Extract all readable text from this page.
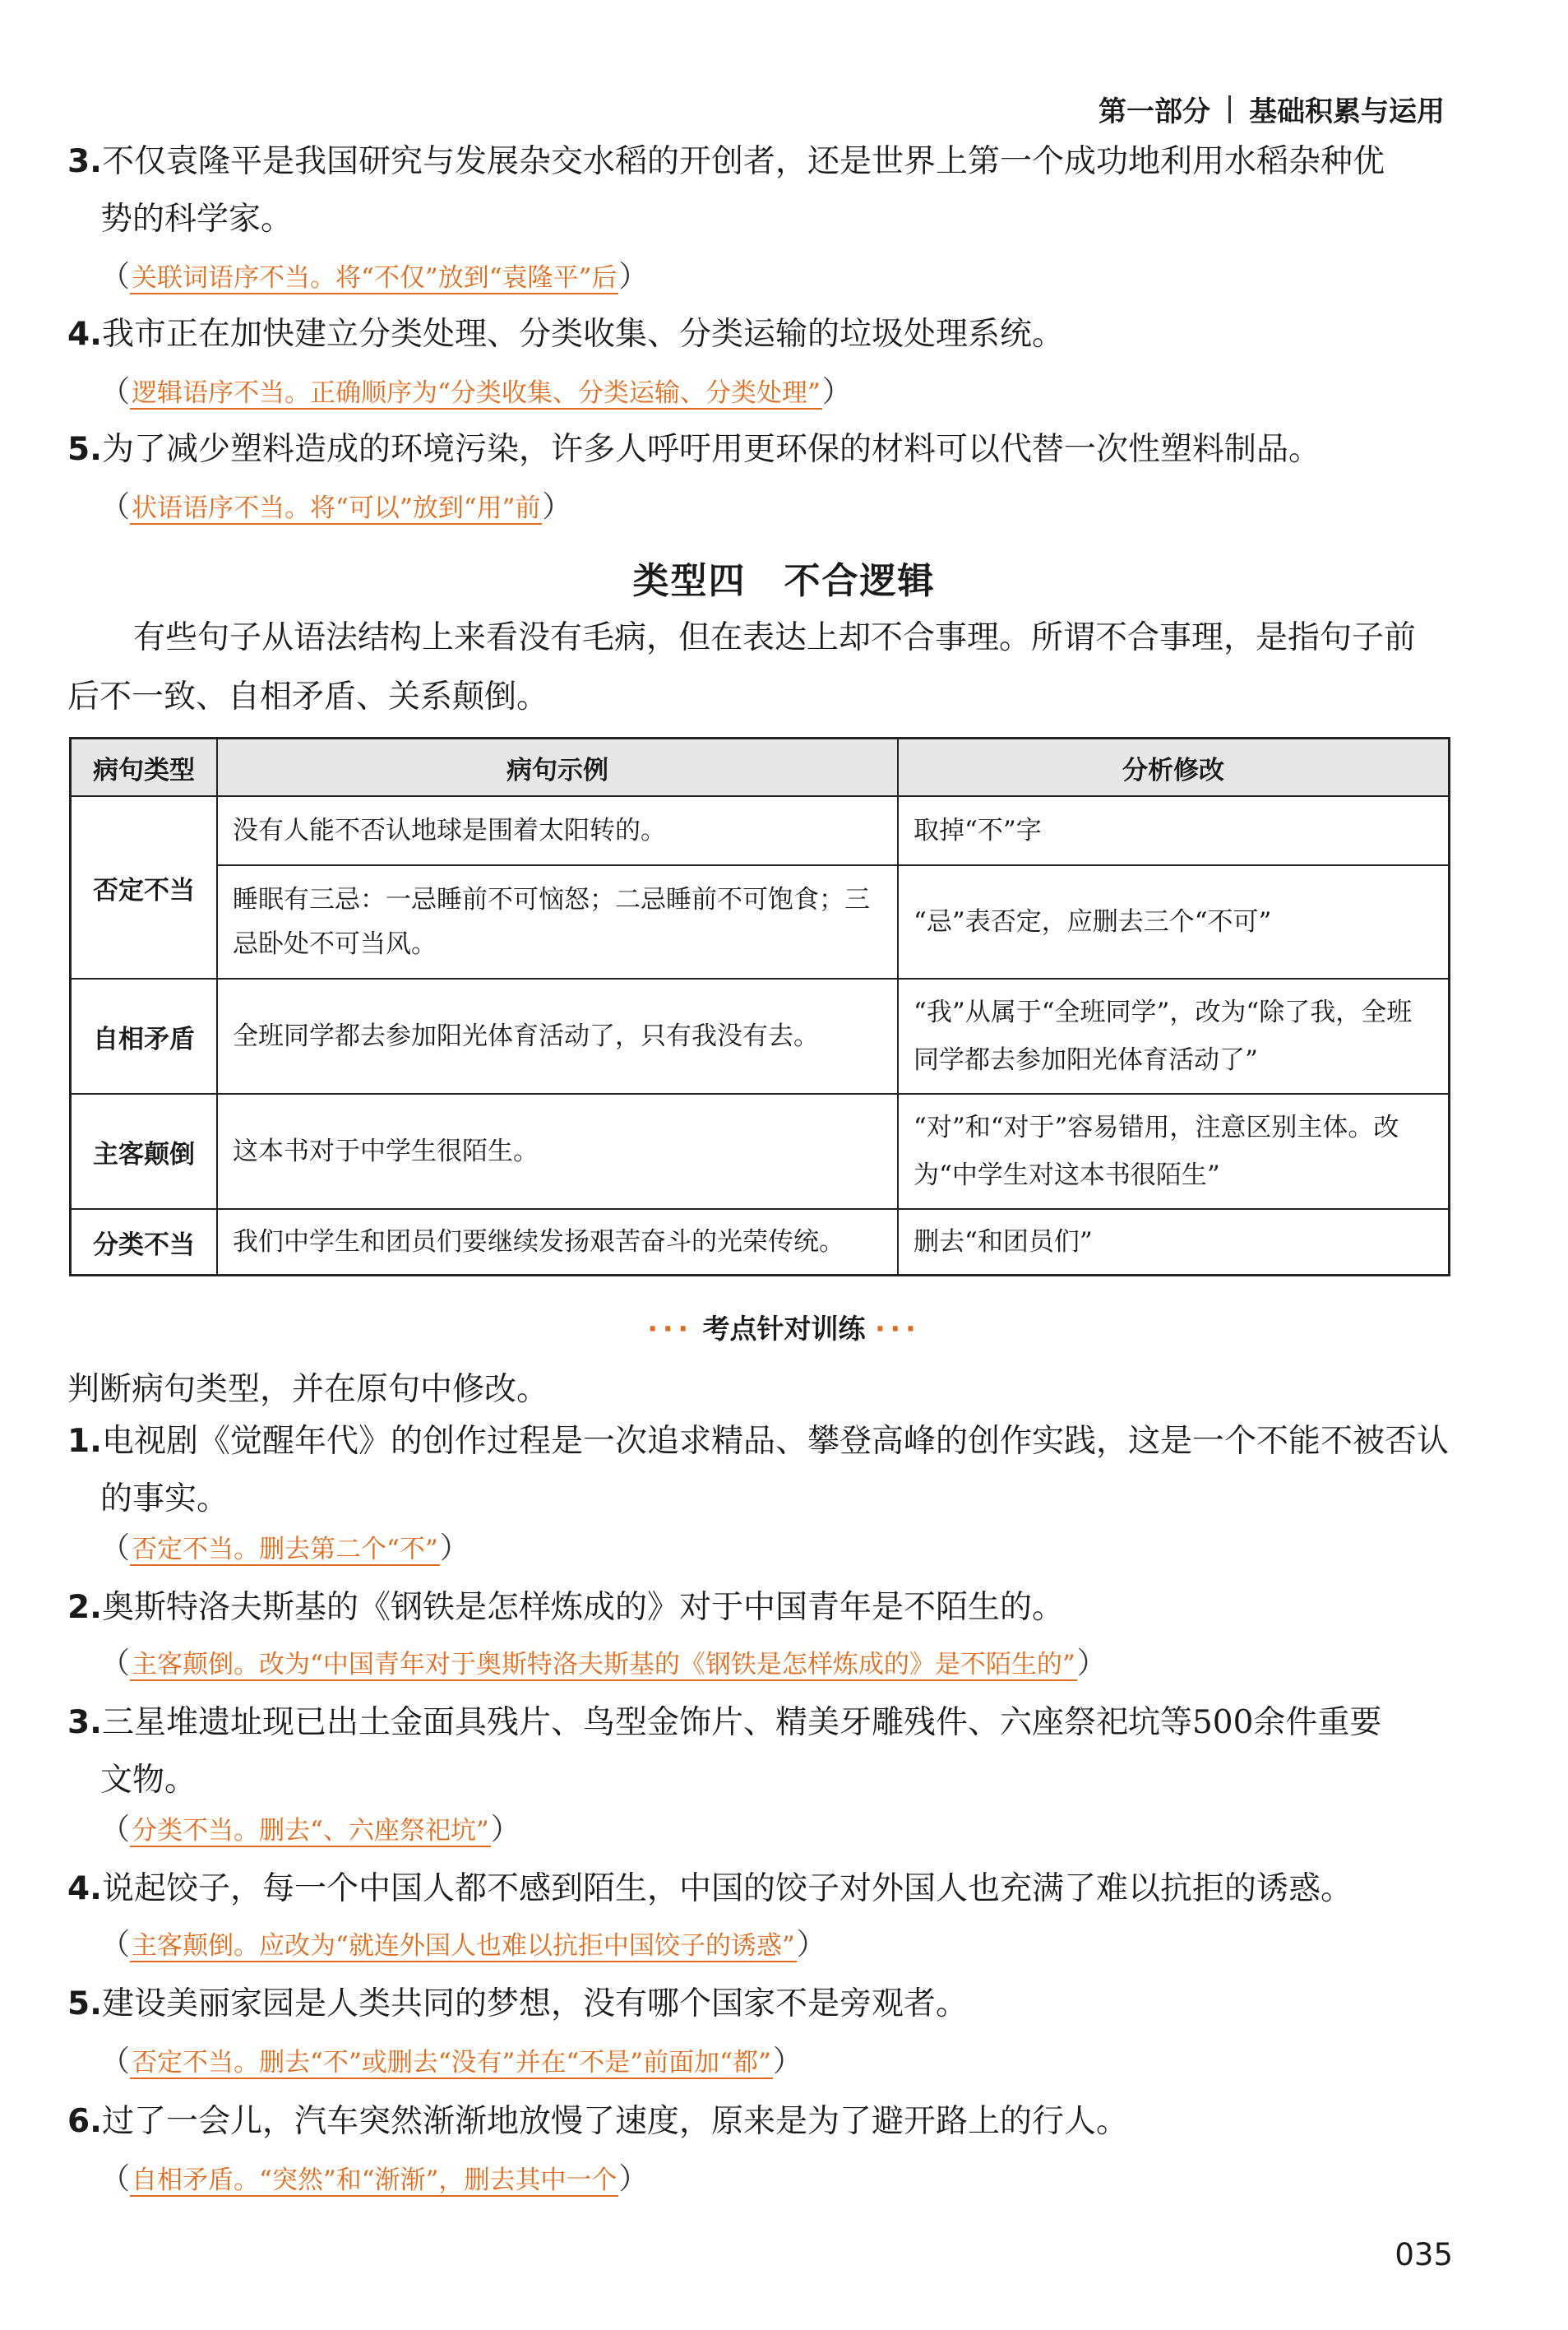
第一部分 基础积累与运用
3.不仅袁隆平是我国研究与发展杂交水稻的开创者，还是世界上第一个成功地利用水稻杂种优
势的科学家。
（关联词语序不当。将“不仅”放到“袁隆平”后）
4.我市正在加快建立分类处理、分类收集、分类运输的垃圾处理系统。
（逻辑语序不当。正确顺序为“分类收集、分类运输、分类处理”）
5.为了减少塑料造成的环境污染，许多人呼吁用更环保的材料可以代替一次性塑料制品。
（状语语序不当。将“可以”放到“用”前）
类型四　不合逻辑
有些句子从语法结构上来看没有毛病，但在表达上却不合事理。所谓不合事理，是指句子前
后不一致、自相矛盾、关系颠倒。
病句类型	病句示例	分析修改
否定不当	没有人能不否认地球是围着太阳转的。	取掉“不”字
	睡眠有三忌：一忌睡前不可恼怒；二忌睡前不可饱食；三忌卧处不可当风。	“忌”表否定，应删去三个“不可”
自相矛盾	全班同学都去参加阳光体育活动了，只有我没有去。	“我”从属于“全班同学”，改为“除了我，全班同学都去参加阳光体育活动了”
主客颠倒	这本书对于中学生很陌生。	“对”和“对于”容易错用，注意区别主体。改为“中学生对这本书很陌生”
分类不当	我们中学生和团员们要继续发扬艰苦奋斗的光荣传统。	删去“和团员们”
··· 考点针对训练 ···
判断病句类型，并在原句中修改。
1.电视剧《觉醒年代》的创作过程是一次追求精品、攀登高峰的创作实践，这是一个不能不被否认
的事实。
（否定不当。删去第二个“不”）
2.奥斯特洛夫斯基的《钢铁是怎样炼成的》对于中国青年是不陌生的。
（主客颠倒。改为“中国青年对于奥斯特洛夫斯基的《钢铁是怎样炼成的》是不陌生的”）
3.三星堆遗址现已出土金面具残片、鸟型金饰片、精美牙雕残件、六座祭祀坑等500余件重要
文物。
（分类不当。删去“、六座祭祀坑”）
4.说起饺子，每一个中国人都不感到陌生，中国的饺子对外国人也充满了难以抗拒的诱惑。
（主客颠倒。应改为“就连外国人也难以抗拒中国饺子的诱惑”）
5.建设美丽家园是人类共同的梦想，没有哪个国家不是旁观者。
（否定不当。删去“不”或删去“没有”并在“不是”前面加“都”）
6.过了一会儿，汽车突然渐渐地放慢了速度，原来是为了避开路上的行人。
（自相矛盾。“突然”和“渐渐”，删去其中一个）
035
